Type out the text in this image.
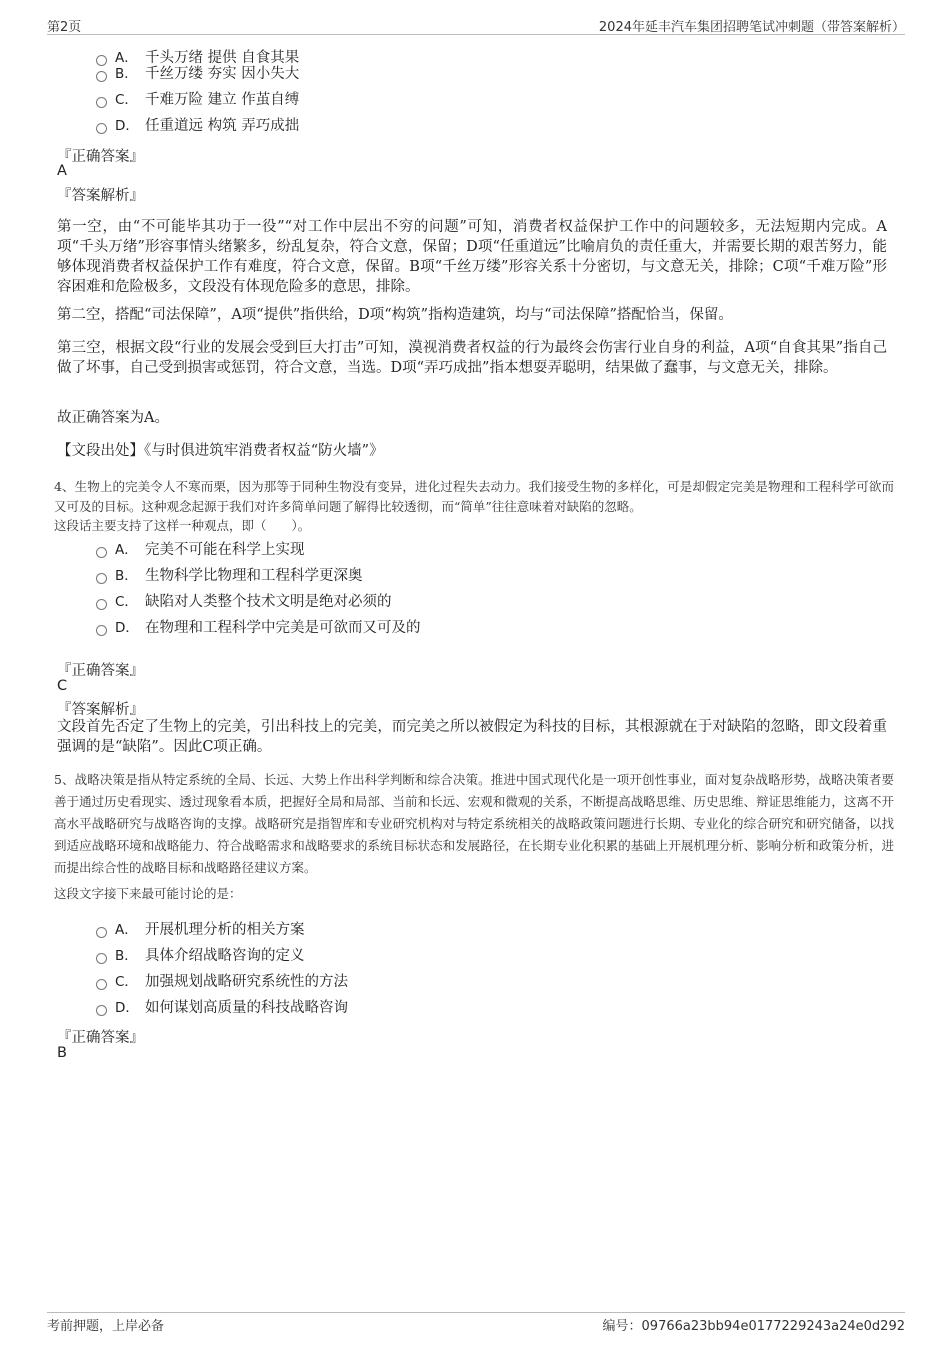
第2页	2024年延丰汽车集团招聘笔试冲刺题（带答案解析）
A． 千头万绪 提供 自食其果
B． 千丝万缕 夯实 因小失大
C． 千难万险 建立 作茧自缚
D． 任重道远 构筑 弄巧成拙
『正确答案』
A
『答案解析』
第一空，由“不可能毕其功于一役”“对工作中层出不穷的问题”可知，消费者权益保护工作中的问题较多，无法短期内完成。A项“千头万绪”形容事情头绪繁多，纷乱复杂，符合文意，保留；D项“任重道远”比喻肩负的责任重大，并需要长期的艰苦努力，能够体现消费者权益保护工作有难度，符合文意，保留。B项“千丝万缕”形容关系十分密切，与文意无关，排除；C项“千难万险”形容困难和危险极多，文段没有体现危险多的意思，排除。
第二空，搭配“司法保障”，A项“提供”指供给，D项“构筑”指构造建筑，均与“司法保障”搭配恰当，保留。
第三空，根据文段“行业的发展会受到巨大打击”可知，漠视消费者权益的行为最终会伤害行业自身的利益，A项“自食其果”指自己做了坏事，自己受到损害或惩罚，符合文意，当选。D项“弄巧成拙”指本想耍弄聪明，结果做了蠢事，与文意无关，排除。
故正确答案为A。
【文段出处】《与时俱进筑牢消费者权益“防火墙”》
4、生物上的完美令人不寒而栗，因为那等于同种生物没有变异，进化过程失去动力。我们接受生物的多样化，可是却假定完美是物理和工程科学可欲而又可及的目标。这种观念起源于我们对许多简单问题了解得比较透彻，而“简单”往往意味着对缺陷的忽略。
这段话主要支持了这样一种观点，即（　　）。
A． 完美不可能在科学上实现
B． 生物科学比物理和工程科学更深奥
C． 缺陷对人类整个技术文明是绝对必须的
D． 在物理和工程科学中完美是可欲而又可及的
『正确答案』
C
『答案解析』
文段首先否定了生物上的完美，引出科技上的完美，而完美之所以被假定为科技的目标，其根源就在于对缺陷的忽略，即文段着重强调的是“缺陷”。因此C项正确。
5、战略决策是指从特定系统的全局、长远、大势上作出科学判断和综合决策。推进中国式现代化是一项开创性事业，面对复杂战略形势，战略决策者要善于通过历史看现实、透过现象看本质，把握好全局和局部、当前和长远、宏观和微观的关系，不断提高战略思维、历史思维、辩证思维能力，这离不开高水平战略研究与战略咨询的支撑。战略研究是指智库和专业研究机构对与特定系统相关的战略政策问题进行长期、专业化的综合研究和研究储备，以找到适应战略环境和战略能力、符合战略需求和战略要求的系统目标状态和发展路径，在长期专业化积累的基础上开展机理分析、影响分析和政策分析，进而提出综合性的战略目标和战略路径建议方案。
这段文字接下来最可能讨论的是：
A． 开展机理分析的相关方案
B． 具体介绍战略咨询的定义
C． 加强规划战略研究系统性的方法
D． 如何谋划高质量的科技战略咨询
『正确答案』
B
考前押题，上岸必备	编号：09766a23bb94e0177229243a24e0d292
